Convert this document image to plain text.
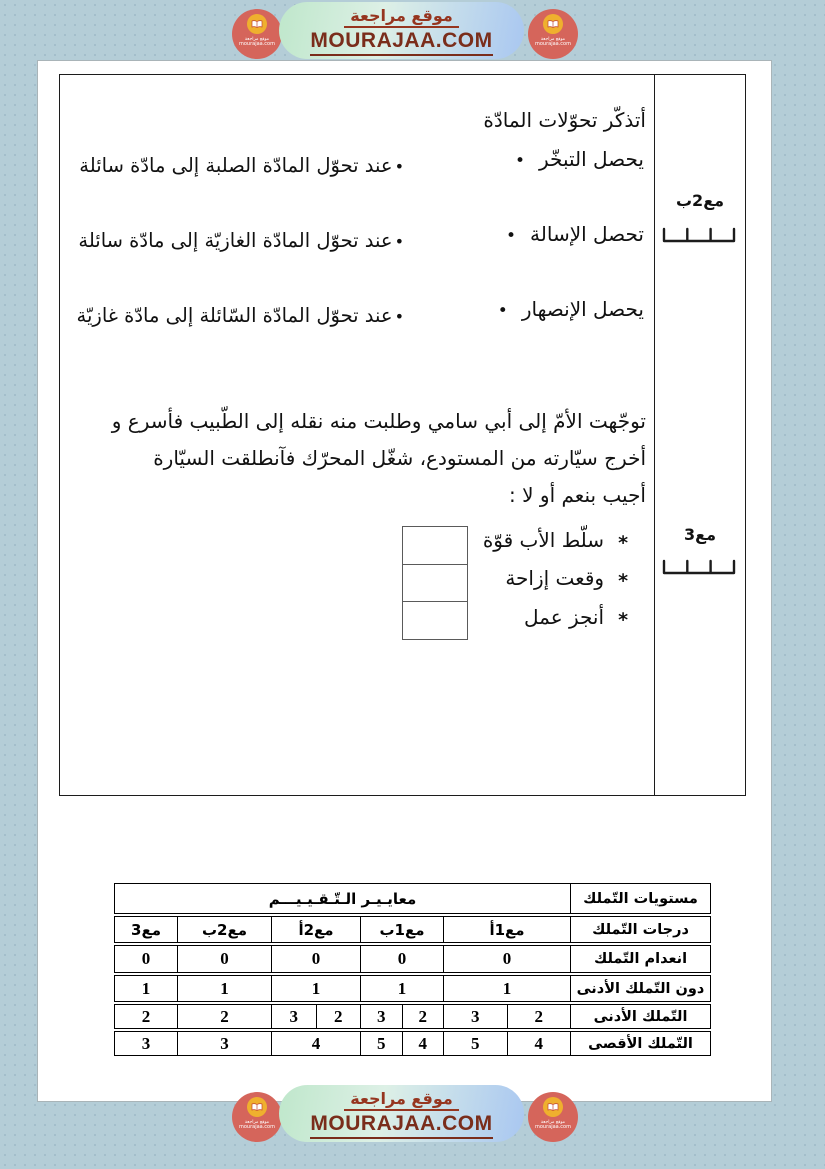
موقع مراجعة
mourajaa.com
موقع مراجعة
MOURAJAA.COM	موقع مراجعة
mourajaa.com
أتذكّر تحوّلات المادّة
يحصل التبخّر
•
•عند تحوّل المادّة الصلبة إلى مادّة سائلة
تحصل الإسالة
•
•عند تحوّل المادّة الغازيّة إلى مادّة سائلة
يحصل الإنصهار
•
•عند تحوّل المادّة السّائلة إلى مادّة غازيّة
توجّهت الأمّ إلى أبي سامي وطلبت منه نقله إلى الطّبيب فأسرع و
أخرج سيّارته من المستودع، شغّل المحرّك فآنطلقت السيّارة
أجيب بنعم أو لا :
*
سلّط الأب قوّة
*
وقعت إزاحة
*
أنجز عمل
مع2ب
مع3
معايـيـر الـتّـقـيـيـــم	مستويات التّملك
مع3	مع2ب	مع2أ	مع1ب	مع1أ	درجات التّملك
0	0	0	0	0	انعدام التّملك
1	1	1	1	1	دون التّملك الأدنى
2	2	3	2	3	2	3	2	التّملك الأدنى
3	3	4	5	4	5	4	التّملك الأقصى
موقع مراجعة
mourajaa.com
موقع مراجعة
MOURAJAA.COM	موقع مراجعة
mourajaa.com
